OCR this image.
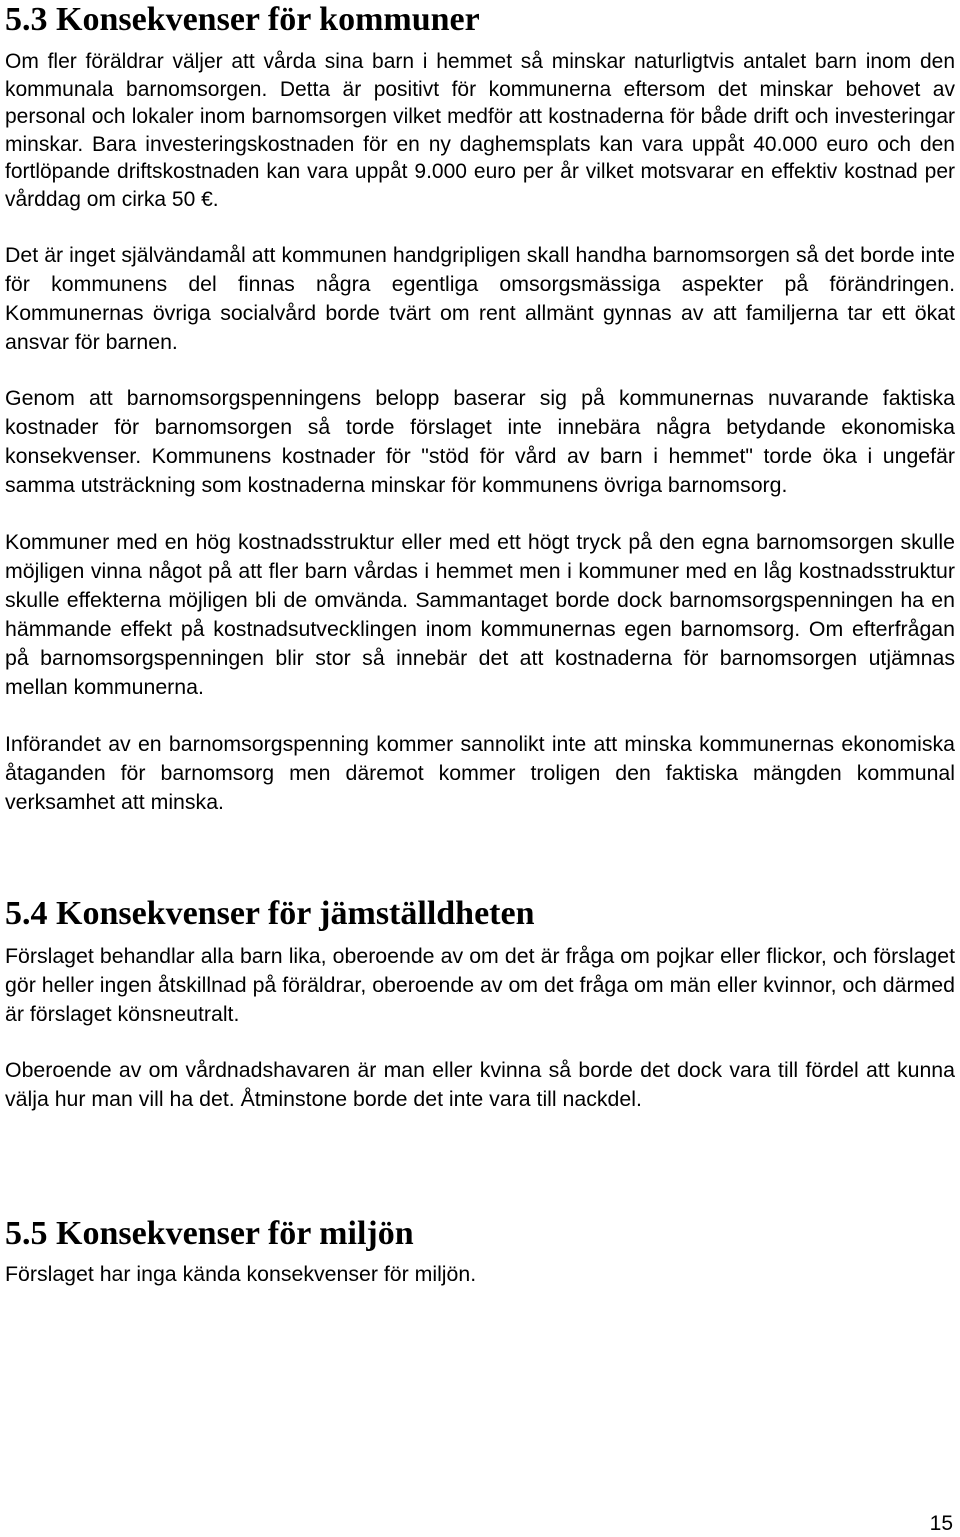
5.3 Konsekvenser för kommuner

Om fler föräldrar väljer att vårda sina barn i hemmet så minskar naturligtvis antalet barn inom den kommunala barnomsorgen. Detta är positivt för kommunerna eftersom det minskar behovet av personal och lokaler inom barnomsorgen vilket medför att kostnaderna för både drift och investeringar minskar. Bara investeringskostnaden för en ny daghemsplats kan vara uppåt 40.000 euro och den fortlöpande driftskostnaden kan vara uppåt 9.000 euro per år vilket motsvarar en effektiv kostnad per vårddag om cirka 50 €.

Det är inget självändamål att kommunen handgripligen skall handha barnomsorgen så det borde inte för kommunens del finnas några egentliga omsorgsmässiga aspekter på förändringen. Kommunernas övriga socialvård borde tvärt om rent allmänt gynnas av att familjerna tar ett ökat ansvar för barnen.

Genom att barnomsorgspenningens belopp baserar sig på kommunernas nuvarande faktiska kostnader för barnomsorgen så torde förslaget inte innebära några betydande ekonomiska konsekvenser. Kommunens kostnader för "stöd för vård av barn i hemmet" torde öka i ungefär samma utsträckning som kostnaderna minskar för kommunens övriga barnomsorg.

Kommuner med en hög kostnadsstruktur eller med ett högt tryck på den egna barnomsorgen skulle möjligen vinna något på att fler barn vårdas i hemmet men i kommuner med en låg kostnadsstruktur skulle effekterna möjligen bli de omvända. Sammantaget borde dock barnomsorgspenningen ha en hämmande effekt på kostnadsutvecklingen inom kommunernas egen barnomsorg. Om efterfrågan på barnomsorgspenningen blir stor så innebär det att kostnaderna för barnomsorgen utjämnas mellan kommunerna.

Införandet av en barnomsorgspenning kommer sannolikt inte att minska kommunernas ekonomiska åtaganden för barnomsorg men däremot kommer troligen den faktiska mängden kommunal verksamhet att minska.

5.4 Konsekvenser för jämställdheten

Förslaget behandlar alla barn lika, oberoende av om det är fråga om pojkar eller flickor, och förslaget gör heller ingen åtskillnad på föräldrar, oberoende av om det fråga om män eller kvinnor, och därmed är förslaget könsneutralt.

Oberoende av om vårdnadshavaren är man eller kvinna så borde det dock vara till fördel att kunna välja hur man vill ha det. Åtminstone borde det inte vara till nackdel.

5.5 Konsekvenser för miljön

Förslaget har inga kända konsekvenser för miljön.

15
